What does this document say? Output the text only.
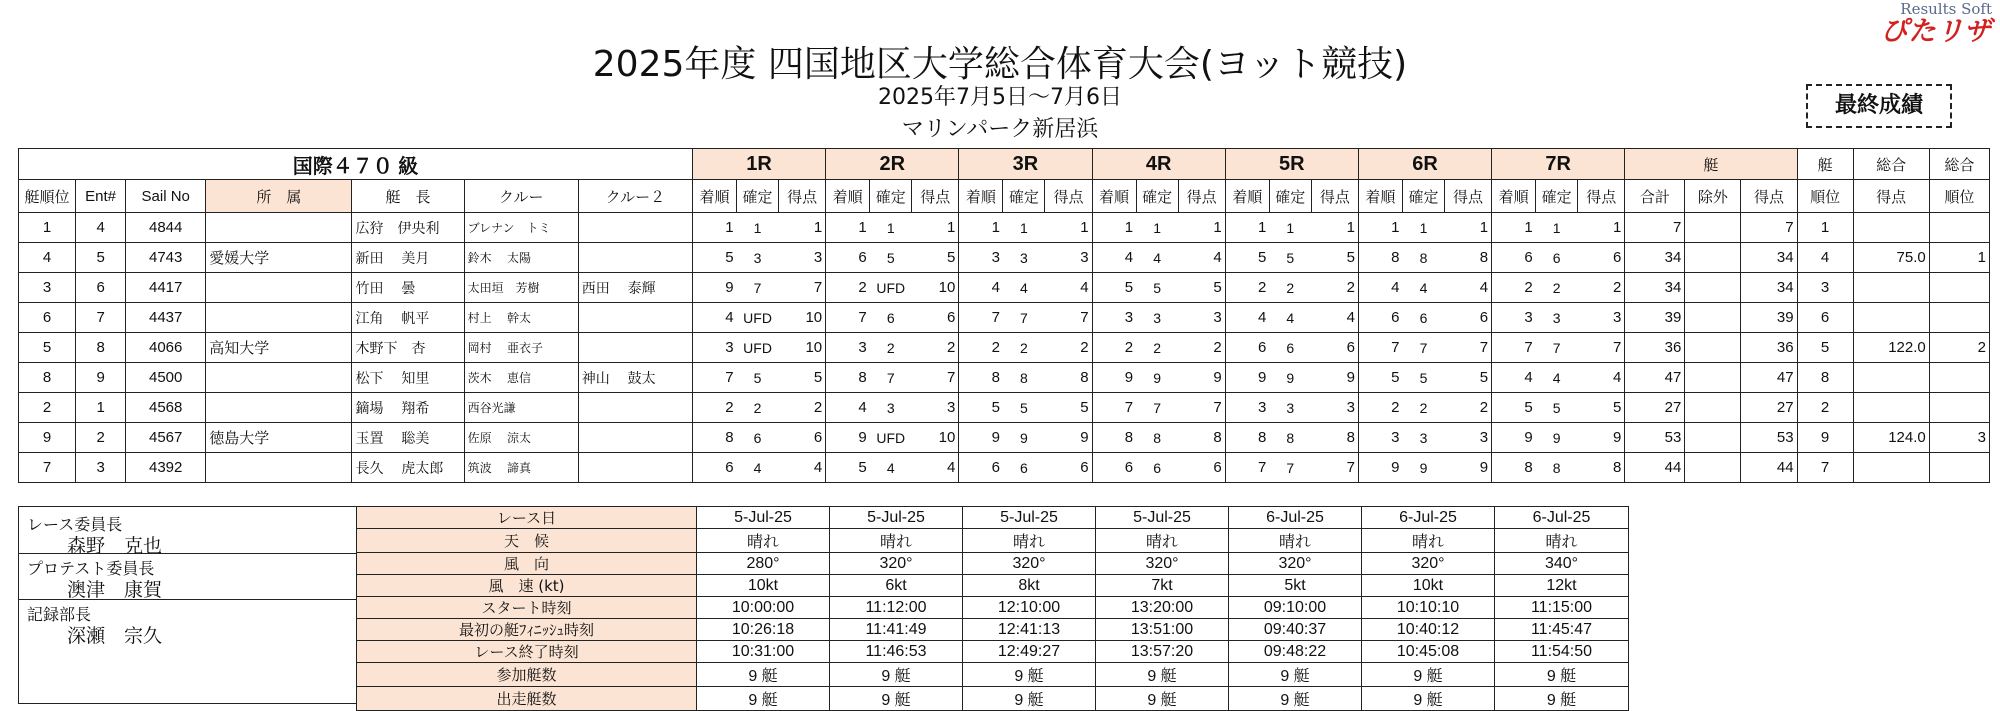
2025年度 四国地区大学総合体育大会(ヨット競技)
2025年7月5日～7月6日
マリンパーク新居浜
Results Soft
ぴたリザ
最終成績
国際４７０ 級							1R			2R			3R			4R			5R			6R			7R			艇			艇	総合	総合
艇順位	Ent#	Sail No	所　属	艇　長	クルー	クルー２	着順	確定	得点	着順	確定	得点	着順	確定	得点	着順	確定	得点	着順	確定	得点	着順	確定	得点	着順	確定	得点	合計	除外	得点	順位	得点	順位
1	4	4844		広狩　伊央利	ブレナン　トミ		1	1	1	1	1	1	1	1	1	1	1	1	1	1	1	1	1	1	1	1	1	7		7	1		
4	5	4743	愛媛大学	新田　 美月	鈴木　 太陽		5	3	3	6	5	5	3	3	3	4	4	4	5	5	5	8	8	8	6	6	6	34		34	4	75.0	1
3	6	4417		竹田　 曇	太田垣　芳樹	西田　 泰輝	9	7	7	2	UFD	10	4	4	4	5	5	5	2	2	2	4	4	4	2	2	2	34		34	3		
6	7	4437		江角　 帆平	村上　 幹太		4	UFD	10	7	6	6	7	7	7	3	3	3	4	4	4	6	6	6	3	3	3	39		39	6		
5	8	4066	高知大学	木野下　杏	岡村　 亜衣子		3	UFD	10	3	2	2	2	2	2	2	2	2	6	6	6	7	7	7	7	7	7	36		36	5	122.0	2
8	9	4500		松下　 知里	茨木　 恵信	神山　 鼓太	7	5	5	8	7	7	8	8	8	9	9	9	9	9	9	5	5	5	4	4	4	47		47	8		
2	1	4568		鏑場　 翔希	西谷光謙		2	2	2	4	3	3	5	5	5	7	7	7	3	3	3	2	2	2	5	5	5	27		27	2		
9	2	4567	徳島大学	玉置　 聡美	佐原　 涼太		8	6	6	9	UFD	10	9	9	9	8	8	8	8	8	8	3	3	3	9	9	9	53		53	9	124.0	3
7	3	4392		長久　 虎太郎	筑波　 諦真		6	4	4	5	4	4	6	6	6	6	6	6	7	7	7	9	9	9	8	8	8	44		44	7		
レース委員長
森野　克也
プロテスト委員長
澳津　康賀
記録部長
深瀬　宗久
レース日	5-Jul-25	5-Jul-25	5-Jul-25	5-Jul-25	6-Jul-25	6-Jul-25	6-Jul-25
天　候	晴れ	晴れ	晴れ	晴れ	晴れ	晴れ	晴れ
風　向	280°	320°	320°	320°	320°	320°	340°
風　速 (kt)	10kt	6kt	8kt	7kt	5kt	10kt	12kt
スタート時刻	10:00:00	11:12:00	12:10:00	13:20:00	09:10:00	10:10:10	11:15:00
最初の艇ﾌｨﾆｯｼｭ時刻	10:26:18	11:41:49	12:41:13	13:51:00	09:40:37	10:40:12	11:45:47
レース終了時刻	10:31:00	11:46:53	12:49:27	13:57:20	09:48:22	10:45:08	11:54:50
参加艇数	9 艇	9 艇	9 艇	9 艇	9 艇	9 艇	9 艇
出走艇数	9 艇	9 艇	9 艇	9 艇	9 艇	9 艇	9 艇
